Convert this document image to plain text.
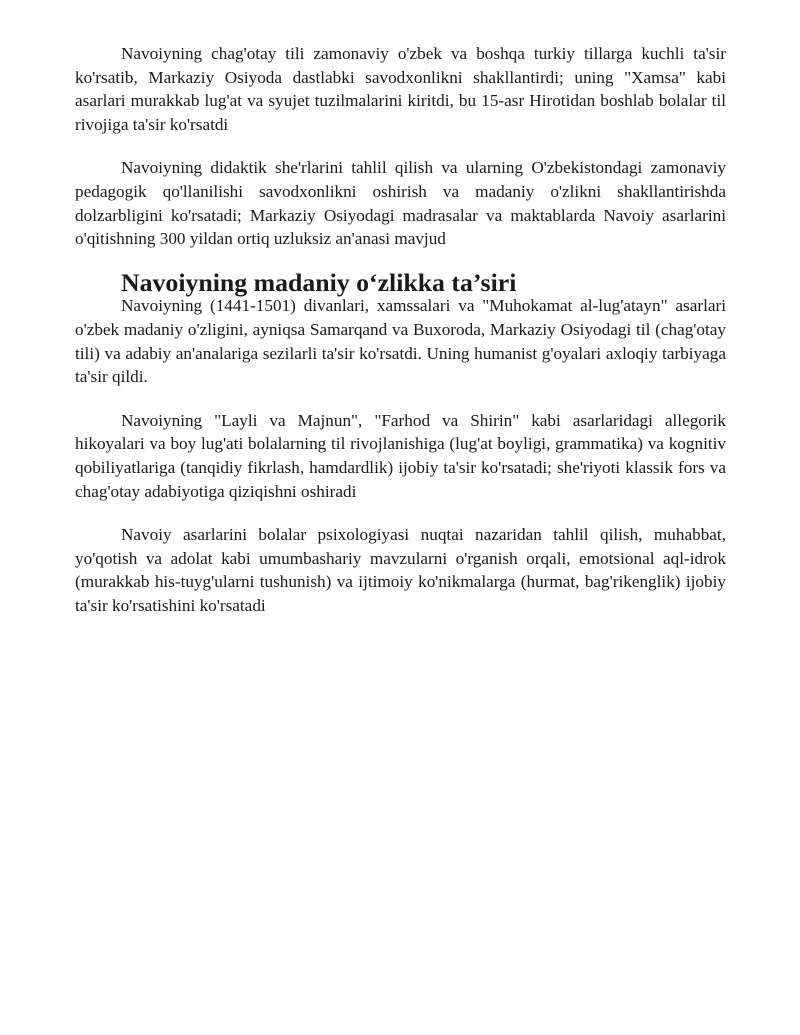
Navoiyning chag'otay tili zamonaviy o'zbek va boshqa turkiy tillarga kuchli ta'sir ko'rsatib, Markaziy Osiyoda dastlabki savodxonlikni shakllantirdi; uning "Xamsa" kabi asarlari murakkab lug'at va syujet tuzilmalarini kiritdi, bu 15-asr Hirotidan boshlab bolalar til rivojiga ta'sir ko'rsatdi

Navoiyning didaktik she'rlarini tahlil qilish va ularning O'zbekistondagi zamonaviy pedagogik qo'llanilishi savodxonlikni oshirish va madaniy o'zlikni shakllantirishda dolzarbligini ko'rsatadi; Markaziy Osiyodagi madrasalar va maktablarda Navoiy asarlarini o'qitishning 300 yildan ortiq uzluksiz an'anasi mavjud

Navoiyning madaniy o‘zlikka ta’siri

Navoiyning (1441-1501) divanlari, xamssalari va "Muhokamat al-lug'atayn" asarlari o'zbek madaniy o'zligini, ayniqsa Samarqand va Buxoroda, Markaziy Osiyodagi til (chag'otay tili) va adabiy an'analariga sezilarli ta'sir ko'rsatdi. Uning humanist g'oyalari axloqiy tarbiyaga ta'sir qildi.

Navoiyning "Layli va Majnun", "Farhod va Shirin" kabi asarlaridagi allegorik hikoyalari va boy lug'ati bolalarning til rivojlanishiga (lug'at boyligi, grammatika) va kognitiv qobiliyatlariga (tanqidiy fikrlash, hamdardlik) ijobiy ta'sir ko'rsatadi; she'riyoti klassik fors va chag'otay adabiyotiga qiziqishni oshiradi

Navoiy asarlarini bolalar psixologiyasi nuqtai nazaridan tahlil qilish, muhabbat, yo'qotish va adolat kabi umumbashariy mavzularni o'rganish orqali, emotsional aql-idrok (murakkab his-tuyg'ularni tushunish) va ijtimoiy ko'nikmalarga (hurmat, bag'rikenglik) ijobiy ta'sir ko'rsatishini ko'rsatadi
